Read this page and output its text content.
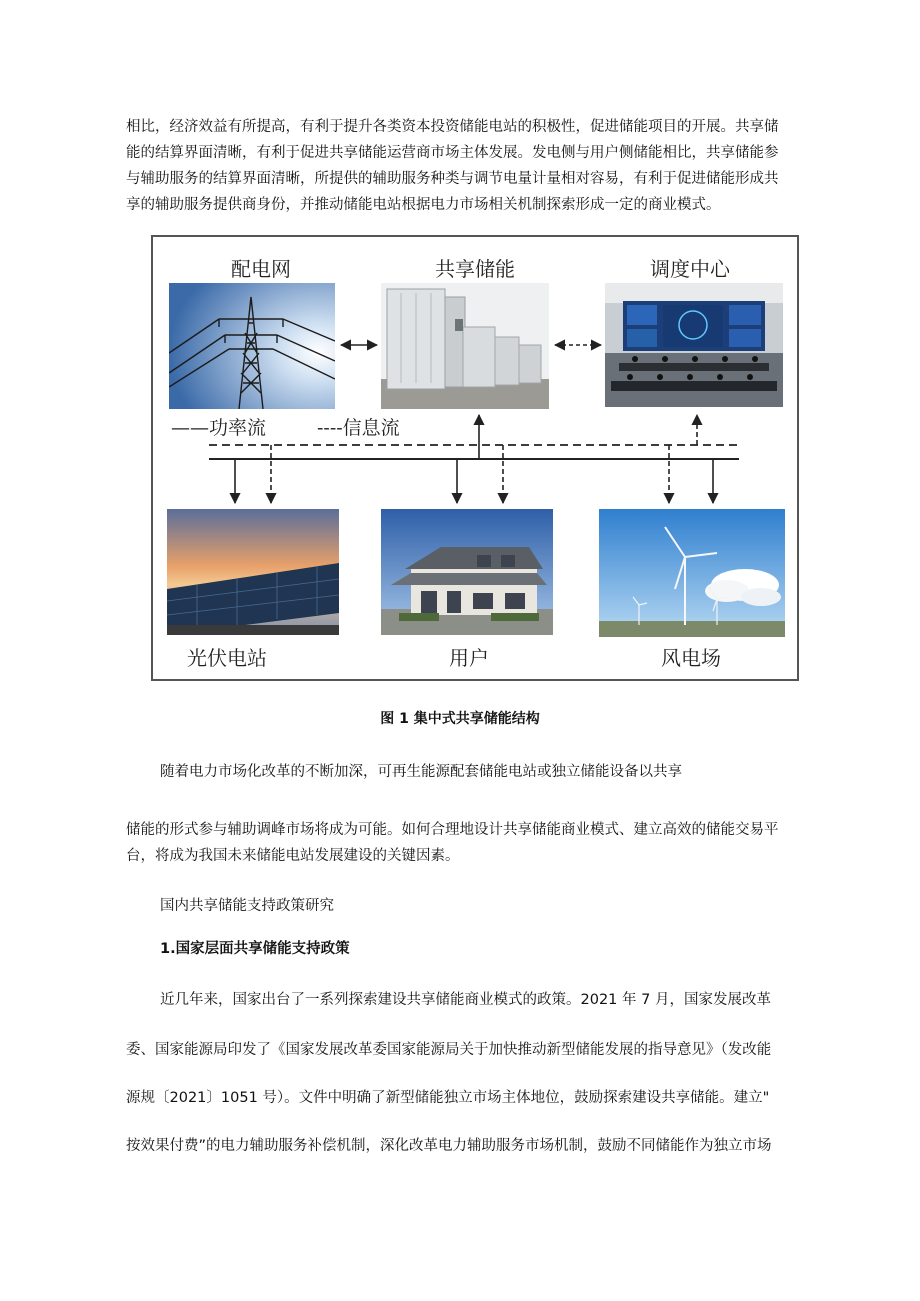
相比，经济效益有所提高，有利于提升各类资本投资储能电站的积极性，促进储能项目的开展。共享储
能的结算界面清晰，有利于促进共享储能运营商市场主体发展。发电侧与用户侧储能相比，共享储能参
与辅助服务的结算界面清晰，所提供的辅助服务种类与调节电量计量相对容易，有利于促进储能形成共
享的辅助服务提供商身份，并推动储能电站根据电力市场相关机制探索形成一定的商业模式。
配电网	共享储能	调度中心
——功率流	----信息流
光伏电站	用户	风电场
图 1 集中式共享储能结构
随着电力市场化改革的不断加深，可再生能源配套储能电站或独立储能设备以共享
储能的形式参与辅助调峰市场将成为可能。如何合理地设计共享储能商业模式、建立高效的储能交易平
台，将成为我国未来储能电站发展建设的关键因素。
国内共享储能支持政策研究
1.国家层面共享储能支持政策
近几年来，国家出台了一系列探索建设共享储能商业模式的政策。2021 年 7 月，国家发展改革
委、国家能源局印发了《国家发展改革委国家能源局关于加快推动新型储能发展的指导意见》（发改能
源规〔2021〕1051 号）。文件中明确了新型储能独立市场主体地位，鼓励探索建设共享储能。建立"
按效果付费”的电力辅助服务补偿机制，深化改革电力辅助服务市场机制，鼓励不同储能作为独立市场
